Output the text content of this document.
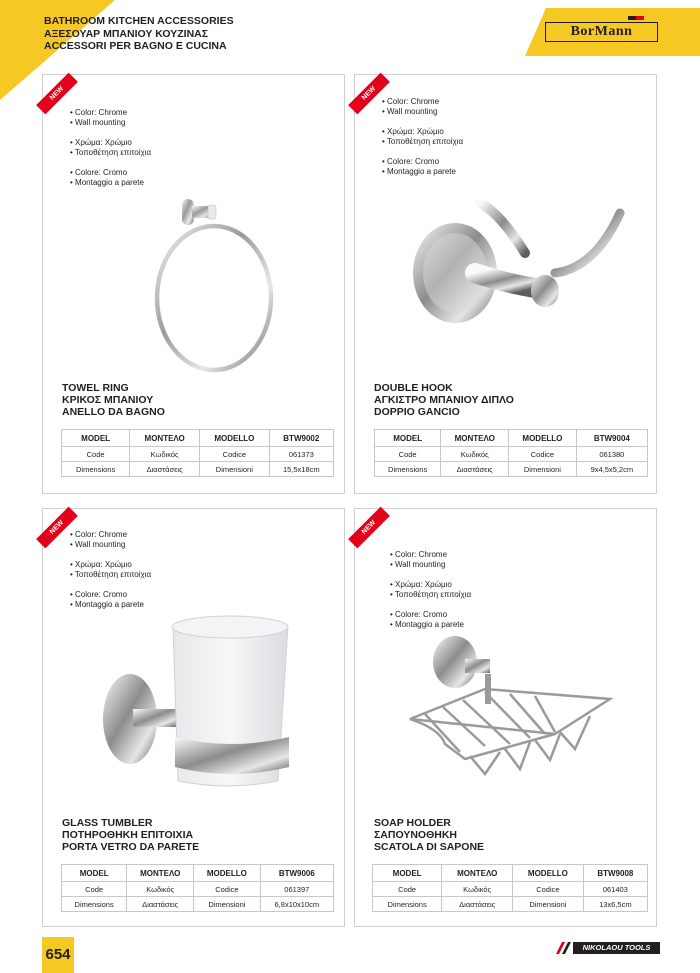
BATHROOM KITCHEN ACCESSORIES
ΑΞΕΣΟΥΑΡ ΜΠΑΝΙΟΥ ΚΟΥΖΙΝΑΣ
ACCESSORI PER BAGNO E CUCINA
BorMann
NEW
• Color: Chrome
• Wall mounting
• Χρώμα: Χρώμιο
• Τοποθέτηση επιτοίχια
• Colore: Cromo
• Montaggio a parete
TOWEL RING
ΚΡΙΚΟΣ ΜΠΑΝΙΟΥ
ANELLO DA BAGNO
MODEL	ΜΟΝΤΕΛΟ	MODELLO	BTW9002
Code	Κωδικός	Codice	061373
Dimensions	Διαστάσεις	Dimensioni	15,5x18cm
NEW	• Color: Chrome
• Wall mounting
• Χρώμα: Χρώμιο
• Τοποθέτηση επιτοίχια
• Colore: Cromo
• Montaggio a parete
DOUBLE HOOK
ΑΓΚΙΣΤΡΟ ΜΠΑΝΙΟΥ ΔΙΠΛΟ
DOPPIO GANCIO
MODEL	ΜΟΝΤΕΛΟ	MODELLO	BTW9004
Code	Κωδικός	Codice	061380
Dimensions	Διαστάσεις	Dimensioni	9x4,5x5,2cm
NEW	• Color: Chrome
• Wall mounting
• Χρώμα: Χρώμιο
• Τοποθέτηση επιτοίχια
• Colore: Cromo
• Montaggio a parete
GLASS TUMBLER
ΠΟΤΗΡΟΘΗΚΗ ΕΠΙΤΟΙΧΙΑ
PORTA VETRO DA PARETE
MODEL	ΜΟΝΤΕΛΟ	MODELLO	BTW9006
Code	Κωδικός	Codice	061397
Dimensions	Διαστάσεις	Dimensioni	6,8x10x10cm
NEW
• Color: Chrome
• Wall mounting
• Χρώμα: Χρώμιο
• Τοποθέτηση επιτοίχια
• Colore: Cromo
• Montaggio a parete
SOAP HOLDER
ΣΑΠΟΥΝΟΘΗΚΗ
SCATOLA DI SAPONE
MODEL	ΜΟΝΤΕΛΟ	MODELLO	BTW9008
Code	Κωδικός	Codice	061403
Dimensions	Διαστάσεις	Dimensioni	13x6,5cm
654	NIKOLAOU TOOLS
